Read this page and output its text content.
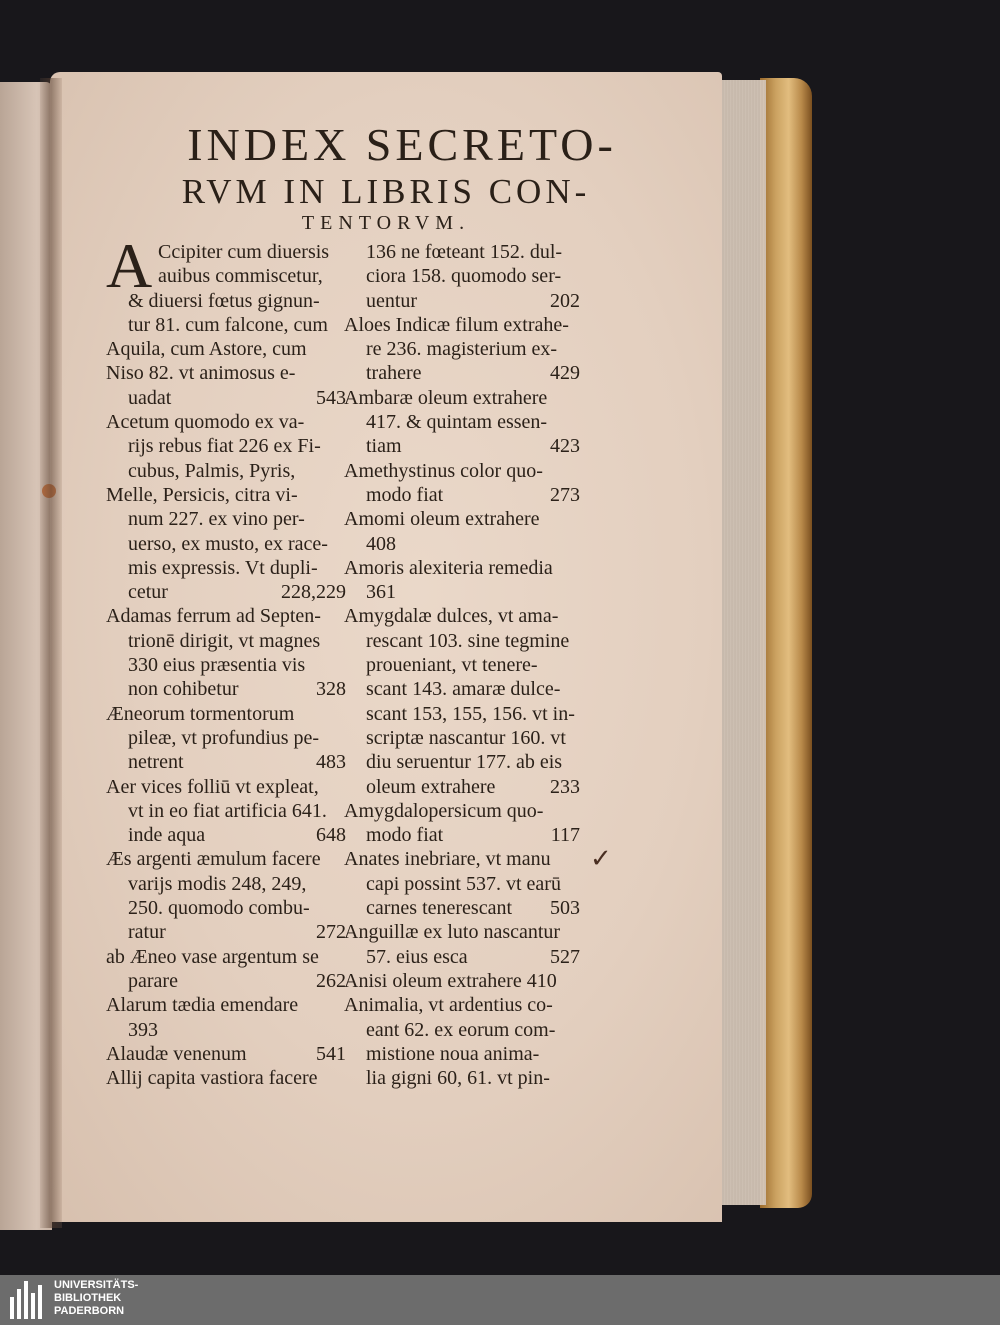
INDEX SECRETO-
RVM IN LIBRIS CON-
TENTORVM.
A Ccipiter cum diuersis
auibus commiscetur,
& diuersi fœtus gignun-
tur 81. cum falcone, cum
Aquila, cum Astore, cum
Niso 82. vt animosus e-
uadat	543
Acetum quomodo ex va-
rijs rebus fiat 226 ex Fi-
cubus, Palmis, Pyris,
Melle, Persicis, citra vi-
num 227. ex vino per-
uerso, ex musto, ex race-
mis expressis. Vt dupli-
cetur	228,229
Adamas ferrum ad Septen-
trionē dirigit, vt magnes
330 eius præsentia vis
non cohibetur	328
Æneorum tormentorum
pileæ, vt profundius pe-
netrent	483
Aer vices folliū vt expleat,
vt in eo fiat artificia 641.
inde aqua	648
Æs argenti æmulum facere
varijs modis 248, 249,
250. quomodo combu-
ratur	272
ab Æneo vase argentum se
parare	262
Alarum tædia emendare
393
Alaudæ venenum	541
Allij capita vastiora facere
136 ne fœteant 152. dul-
ciora 158. quomodo ser-
uentur	202
Aloes Indicæ filum extrahe-
re 236. magisterium ex-
trahere	429
Ambaræ oleum extrahere
417. & quintam essen-
tiam	423
Amethystinus color quo-
modo fiat	273
Amomi oleum extrahere
408
Amoris alexiteria remedia
361
Amygdalæ dulces, vt ama-
rescant 103. sine tegmine
proueniant, vt tenere-
scant 143. amaræ dulce-
scant 153, 155, 156. vt in-
scriptæ nascantur 160. vt
diu seruentur 177. ab eis
oleum extrahere	233
Amygdalopersicum quo-
modo fiat	117
Anates inebriare, vt manu
capi possint 537. vt earū
carnes tenerescant 503
Anguillæ ex luto nascantur
57. eius esca	527
Anisi oleum extrahere 410
Animalia, vt ardentius co-
eant 62. ex eorum com-
mistione noua anima-
lia gigni 60, 61. vt pin-
✓
UNIVERSITÄTS-
BIBLIOTHEK
PADERBORN
